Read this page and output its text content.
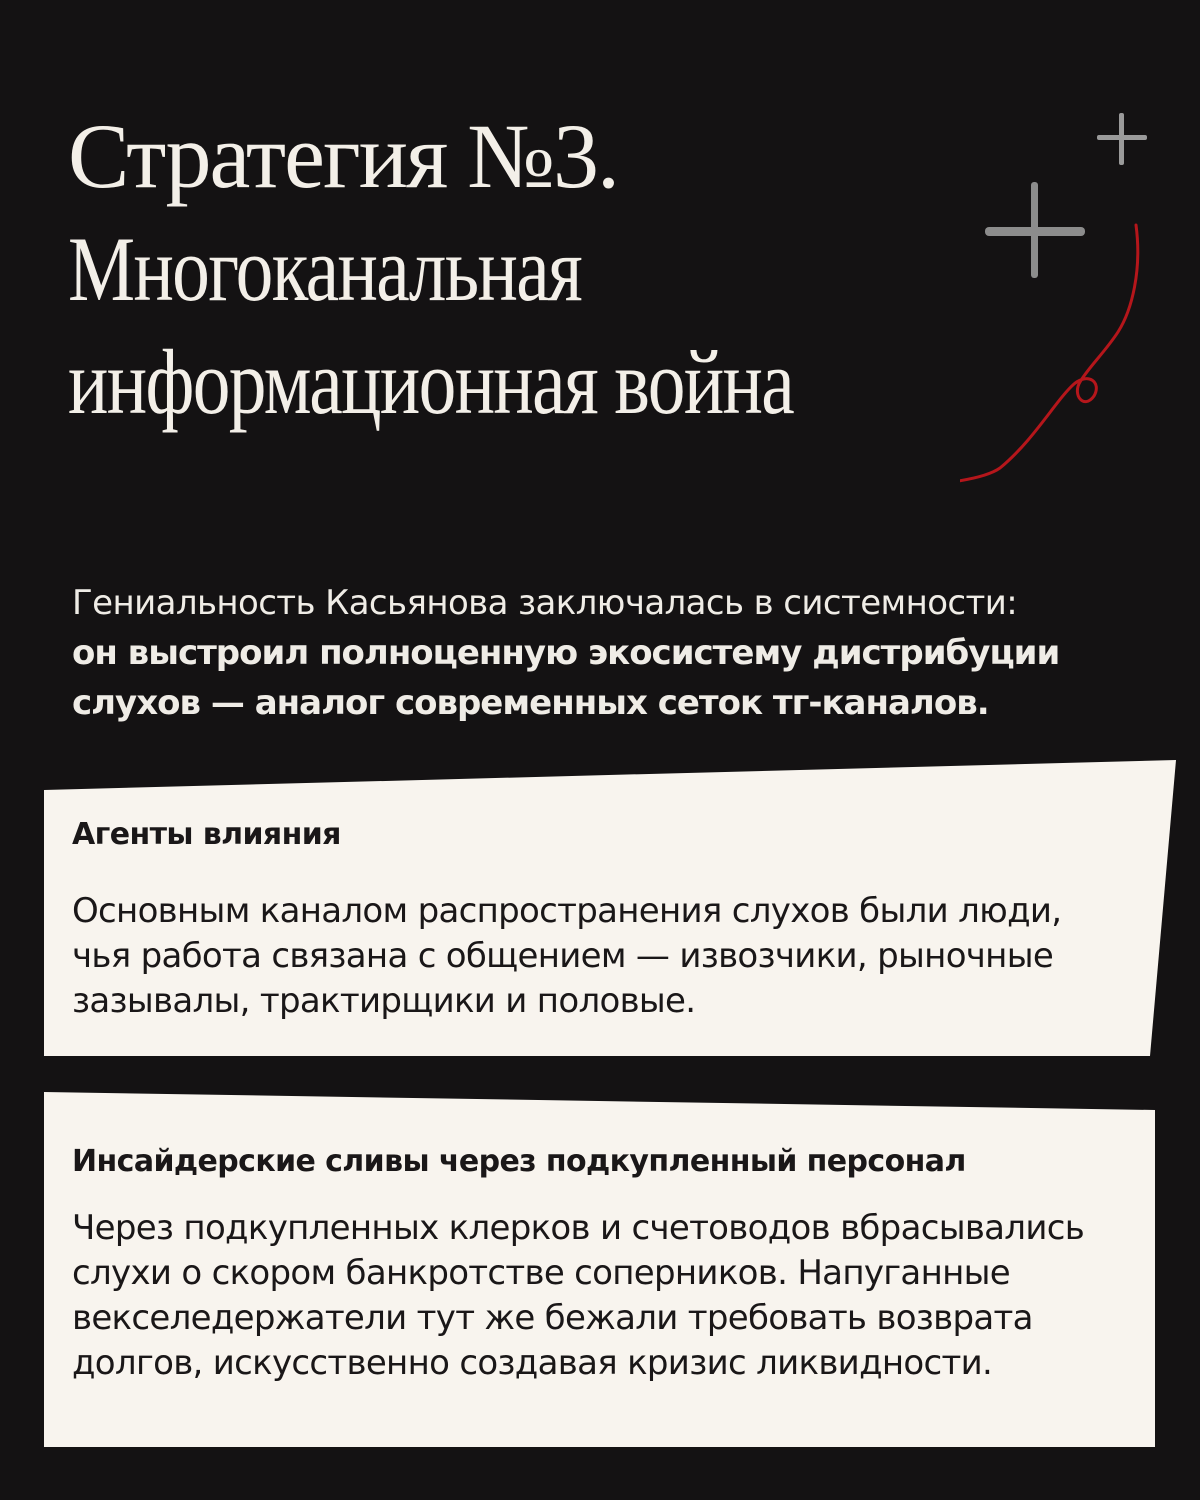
Стратегия №3.
Многоканальная
информационная война
Гениальность Касьянова заключалась в системности:
он выстроил полноценную экосистему дистрибуции
слухов — аналог современных сеток тг-каналов.
Агенты влияния
Основным каналом распространения слухов были люди,
чья работа связана с общением — извозчики, рыночные
зазывалы, трактирщики и половые.
Инсайдерские сливы через подкупленный персонал
Через подкупленных клерков и счетоводов вбрасывались
слухи о скором банкротстве соперников. Напуганные
вексeледержатели тут же бежали требовать возврата
долгов, искусственно создавая кризис ликвидности.
